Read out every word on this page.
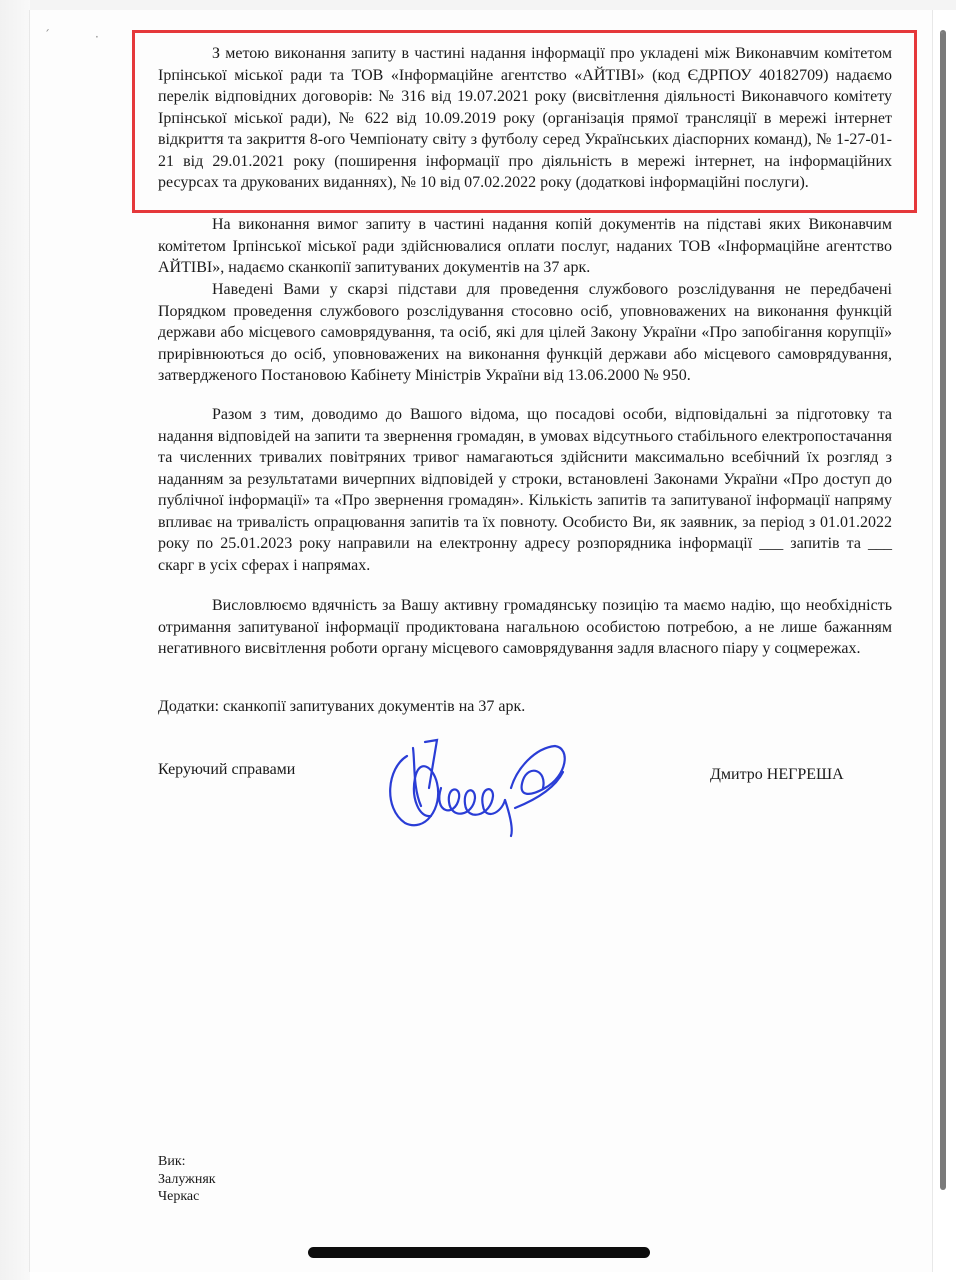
ˊ	·	·

З метою виконання запиту в частині надання інформації про укладені між Виконавчим комітетом Ірпінської міської ради та ТОВ «Інформаційне агентство «АЙТІВІ» (код ЄДРПОУ 40182709) надаємо перелік відповідних договорів: № 316 від 19.07.2021 року (висвітлення діяльності Виконавчого комітету Ірпінської міської ради), № 622 від 10.09.2019 року (організація прямої трансляції в мережі інтернет відкриття та закриття 8-ого Чемпіонату світу з футболу серед Українських діаспорних команд), № 1-27-01-21 від 29.01.2021 року (поширення інформації про діяльність в мережі інтернет, на інформаційних ресурсах та друкованих виданнях), № 10 від 07.02.2022 року (додаткові інформаційні послуги).

На виконання вимог запиту в частині надання копій документів на підставі яких Виконавчим комітетом Ірпінської міської ради здійснювалися оплати послуг, наданих ТОВ «Інформаційне агентство АЙТІВІ», надаємо сканкопії запитуваних документів на 37 арк.

Наведені Вами у скарзі підстави для проведення службового розслідування не передбачені Порядком проведення службового розслідування стосовно осіб, уповноважених на виконання функцій держави або місцевого самоврядування, та осіб, які для цілей Закону України «Про запобігання корупції» прирівнюються до осіб, уповноважених на виконання функцій держави або місцевого самоврядування, затвердженого Постановою Кабінету Міністрів України від 13.06.2000 № 950.

Разом з тим, доводимо до Вашого відома, що посадові особи, відповідальні за підготовку та надання відповідей на запити та звернення громадян, в умовах відсутнього стабільного електропостачання та численних тривалих повітряних тривог намагаються здійснити максимально всебічний їх розгляд з наданням за результатами вичерпних відповідей у строки, встановлені Законами України «Про доступ до публічної інформації» та «Про звернення громадян». Кількість запитів та запитуваної інформації напряму впливає на тривалість опрацювання запитів та їх повноту. Особисто Ви, як заявник, за період з 01.01.2022 року по 25.01.2023 року направили на електронну адресу розпорядника інформації ___ запитів та ___ скарг в усіх сферах і напрямах.

Висловлюємо вдячність за Вашу активну громадянську позицію та маємо надію, що необхідність отримання запитуваної інформації продиктована нагальною особистою потребою, а не лише бажанням негативного висвітлення роботи органу місцевого самоврядування задля власного піару у соцмережах.

Додатки: сканкопії запитуваних документів на 37 арк.
Керуючий справами	Дмитро НЕГРЕША
Вик:
Залужняк
Черкас
